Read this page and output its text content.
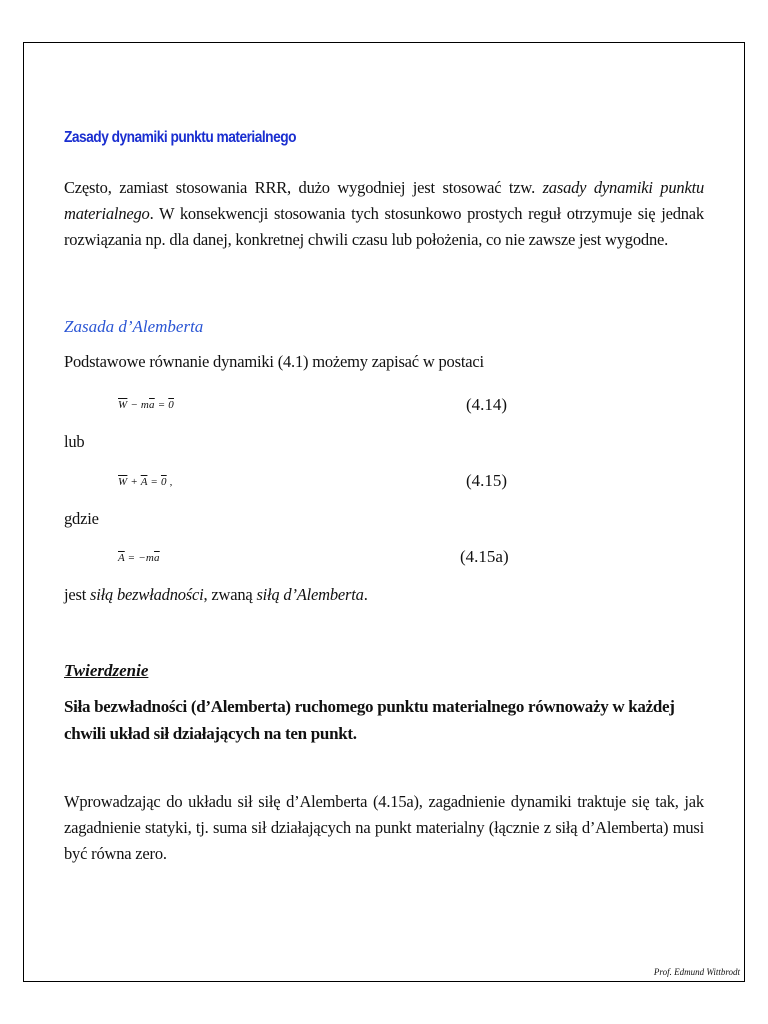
Zasady dynamiki punktu materialnego
Często, zamiast stosowania RRR, dużo wygodniej jest stosować tzw. zasady dynamiki punktu materialnego. W konsekwencji stosowania tych stosunkowo prostych reguł otrzymuje się jednak rozwiązania np. dla danej, konkretnej chwili czasu lub położenia, co nie zawsze jest wygodne.
Zasada d’Alemberta
Podstawowe równanie dynamiki (4.1) możemy zapisać w postaci
$\overline{W} - m\overline{a} = 0$	(4.14)
lub
$\overline{W} + \overline{A} = 0$ ,	(4.15)
gdzie
$\overline{A} = -m\overline{a}$	(4.15a)
jest siłą bezwładności, zwaną siłą d’Alemberta.
Twierdzenie
Siła bezwładności (d’Alemberta) ruchomego punktu materialnego równoważy w każdej chwili układ sił działających na ten punkt.
Wprowadzając do układu sił siłę d’Alemberta (4.15a), zagadnienie dynamiki traktuje się tak, jak zagadnienie statyki, tj. suma sił działających na punkt materialny (łącznie z siłą d’Alemberta) musi być równa zero.
Prof. Edmund Wittbrodt
